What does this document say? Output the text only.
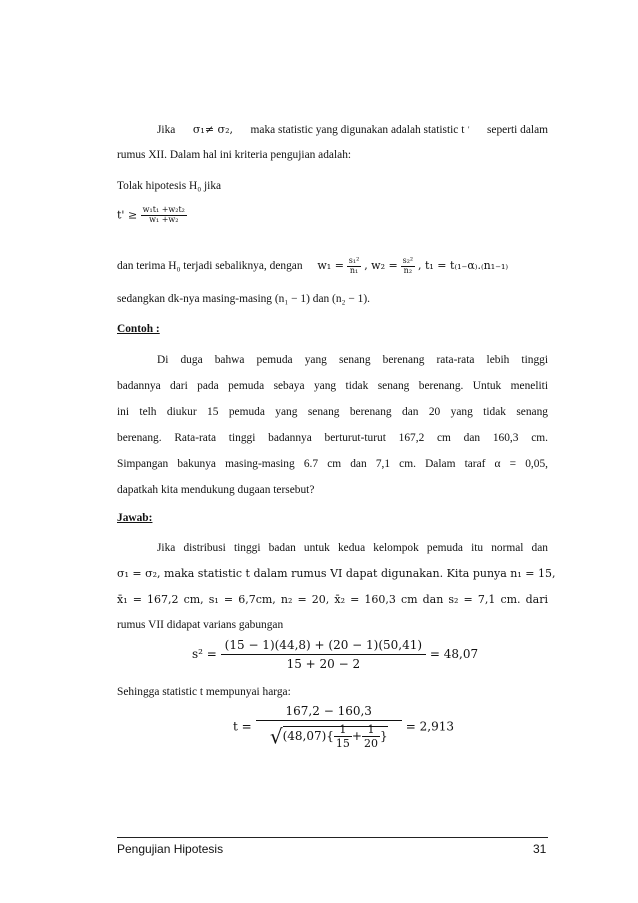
Jika σ₁≠ σ₂, maka statistic yang digunakan adalah statistic t ' seperti dalam
rumus XII. Dalam hal ini kriteria pengujian adalah:
Tolak hipotesis H₀ jika
$t' \ge \frac{\text{w₁t₁ +w₂t₂}}{\text{w₁ +w₂}}$
dan terima H₀ terjadi sebaliknya, dengan $w_1 = \frac{\text{s₁²}}{\text{n₁}}$ , $w_2 = \frac{\text{s₂²}}{\text{n₂}}$ , t₁ = t₍₁₋α₎.₍n₁₋₁₎
sedangkan dk-nya masing-masing (n₁ − 1) dan (n₂ − 1).
Contoh :
Di duga bahwa pemuda yang senang berenang rata-rata lebih tinggi
badannya dari pada pemuda sebaya yang tidak senang berenang. Untuk meneliti
ini telh diukur 15 pemuda yang senang berenang dan 20 yang tidak senang
berenang. Rata-rata tinggi badannya berturut-turut 167,2 cm dan 160,3 cm.
Simpangan bakunya masing-masing 6.7 cm dan 7,1 cm. Dalam taraf α = 0,05,
dapatkah kita mendukung dugaan tersebut?
Jawab:
Jika distribusi tinggi badan untuk kedua kelompok pemuda itu normal dan
σ₁ = σ₂, maka statistic t dalam rumus VI dapat digunakan. Kita punya n₁ = 15,
x̄₁ = 167,2 cm, s₁ = 6,7cm, n₂ = 20, x̄₂ = 160,3 cm dan s₂ = 7,1 cm. dari
rumus VII didapat varians gabungan
$s^2 = \frac{(15 - 1)(44,8) + (20 - 1)(50,41)}{15 + 20 - 2} = 48,07$
Sehingga statistic t mempunyai harga:
$t = \frac{167,2 - 160,3}{√(48,07)\{ \frac{1}{15} + \frac{1}{20} \}} = 2,913$
Pengujian Hipotesis	31
